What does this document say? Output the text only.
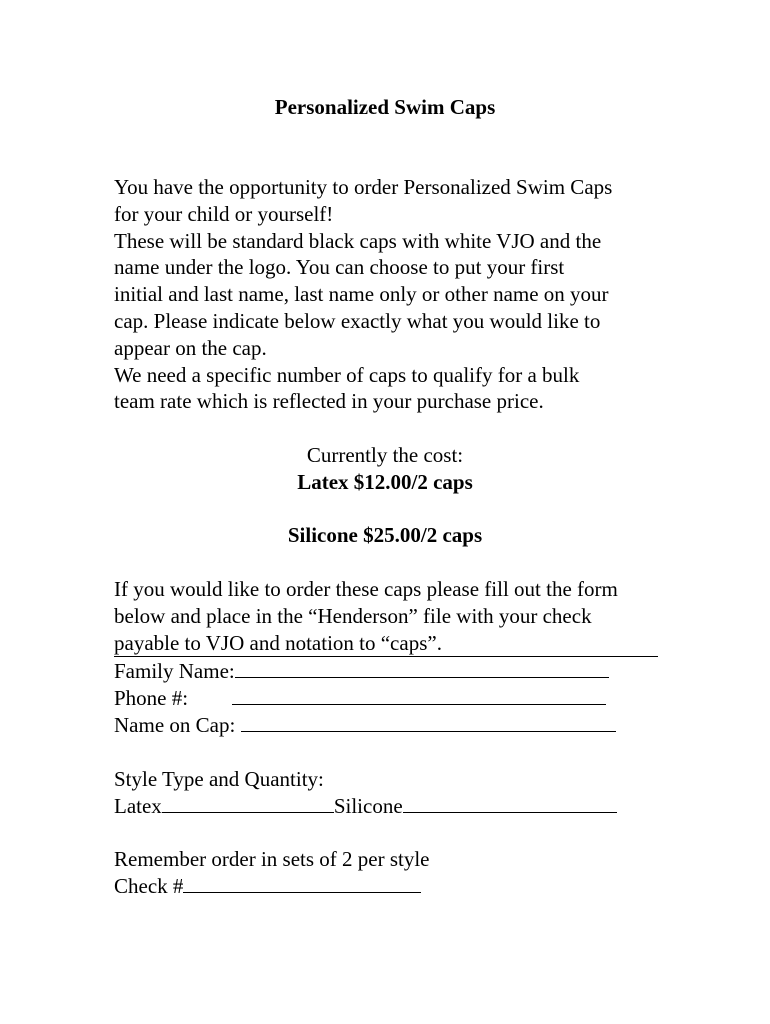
Personalized Swim Caps

You have the opportunity to order Personalized Swim Caps

for your child or yourself!

These will be standard black caps with white VJO and the

name under the logo. You can choose to put your first

initial and last name, last name only or other name on your

cap. Please indicate below exactly what you would like to

appear on the cap.

We need a specific number of caps to qualify for a bulk

team rate which is reflected in your purchase price.

Currently the cost:

Latex $12.00/2 caps

Silicone $25.00/2 caps

If you would like to order these caps please fill out the form

below and place in the “Henderson” file with your check

payable to VJO and notation to “caps”.

Family Name:
Phone #:
Name on Cap:

Style Type and Quantity:

Latex	Silicone

Remember order in sets of 2 per style

Check #
